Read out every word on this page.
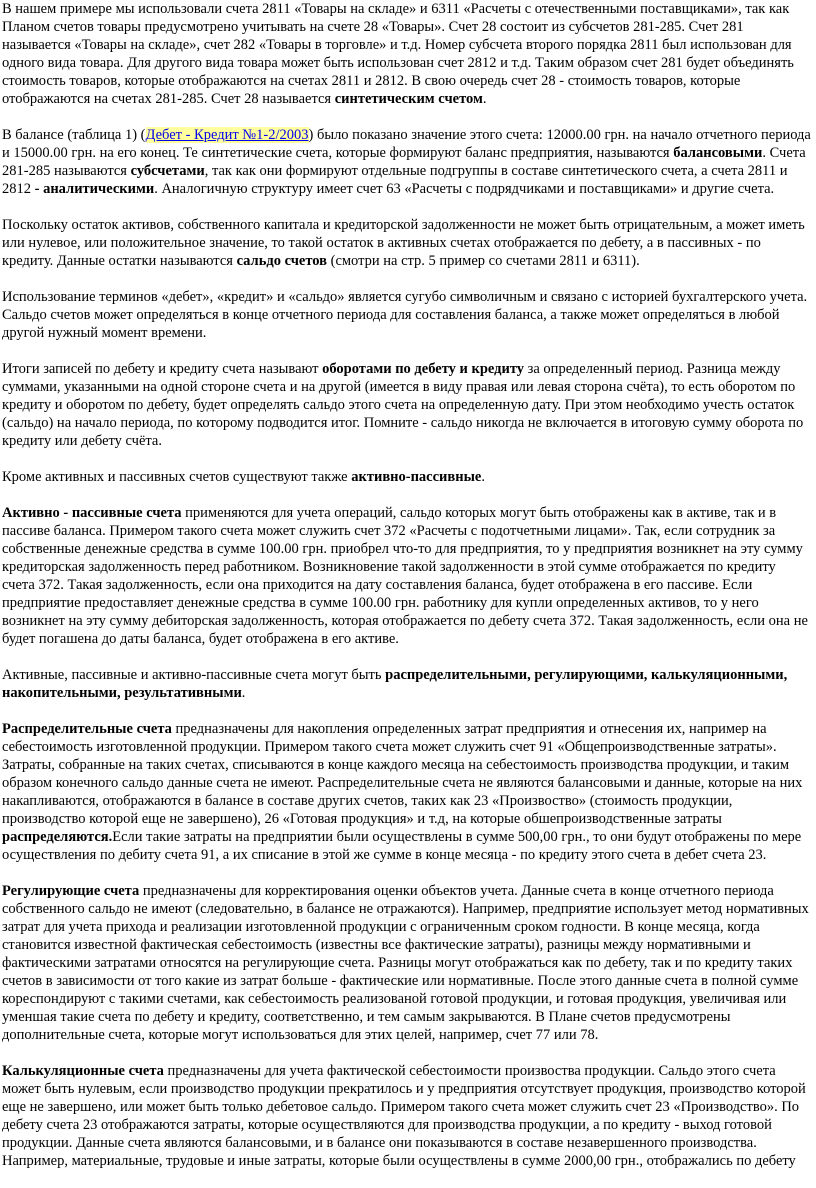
В нашем примере мы использовали счета 2811 «Товары на складе» и 6311 «Расчеты с отечественными поставщиками», так как Планом счетов товары предусмотрено учитывать на счете 28 «Товары». Счет 28 состоит из субсчетов 281-285. Счет 281 называется «Товары на складе», счет 282 «Товары в торговле» и т.д. Номер субсчета второго порядка 2811 был использован для одного вида товара. Для другого вида товара может быть использован счет 2812 и т.д. Таким образом счет 281 будет объединять стоимость товаров, которые отображаются на счетах 2811 и 2812. В свою очередь счет 28 - стоимость товаров, которые отображаются на счетах 281-285. Счет 28 называется синтетическим счетом.

В балансе (таблица 1) (Дебет - Кредит №1-2/2003) было показано значение этого счета: 12000.00 грн. на начало отчетного периода и 15000.00 грн. на его конец. Те синтетические счета, которые формируют баланс предприятия, называются балансовыми. Счета 281-285 называются субсчетами, так как они формируют отдельные подгруппы в составе синтетического счета, а счета 2811 и 2812 - аналитическими. Аналогичную структуру имеет счет 63 «Расчеты с подрядчиками и поставщиками» и другие счета.

Поскольку остаток активов, собственного капитала и кредиторской задолженности не может быть отрицательным, а может иметь или нулевое, или положительное значение, то такой остаток в активных счетах отображается по дебету, а в пассивных - по кредиту. Данные остатки называются сальдо счетов (смотри на стр. 5 пример со счетами 2811 и 6311).

Использование терминов «дебет», «кредит» и «сальдо» является сугубо символичным и связано с историей бухгалтерского учета. Сальдо счетов может определяться в конце отчетного периода для составления баланса, а также может определяться в любой другой нужный момент времени.

Итоги записей по дебету и кредиту счета называют оборотами по дебету и кредиту за определенный период. Разница между суммами, указанными на одной стороне счета и на другой (имеется в виду правая или левая сторона счёта), то есть оборотом по кредиту и оборотом по дебету, будет определять сальдо этого счета на определенную дату. При этом необходимо учесть остаток (сальдо) на начало периода, по которому подводится итог. Помните - сальдо никогда не включается в итоговую сумму оборота по кредиту или дебету счёта.

Кроме активных и пассивных счетов существуют также активно-пассивные.

Активно - пассивные счета применяются для учета операций, сальдо которых могут быть отображены как в активе, так и в пассиве баланса. Примером такого счета может служить счет 372 «Расчеты с подотчетными лицами». Так, если сотрудник за собственные денежные средства в сумме 100.00 грн. приобрел что-то для предприятия, то у предприятия возникнет на эту сумму кредиторская задолженность перед работником. Возникновение такой задолженности в этой сумме отображается по кредиту счета 372. Такая задолженность, если она приходится на дату составления баланса, будет отображена в его пассиве. Если предприятие предоставляет денежные средства в сумме 100.00 грн. работнику для купли определенных активов, то у него возникнет на эту сумму дебиторская задолженность, которая отображается по дебету счета 372. Такая задолженность, если она не будет погашена до даты баланса, будет отображена в его активе.

Активные, пассивные и активно-пассивные счета могут быть распределительными, регулирующими, калькуляционными, накопительными, результативными.

Распределительные счета предназначены для накопления определенных затрат предприятия и отнесения их, например на себестоимость изготовленной продукции. Примером такого счета может служить счет 91 «Общепроизводственные затраты». Затраты, собранные на таких счетах, списываются в конце каждого месяца на себестоимость производства продукции, и таким образом конечного сальдо данные счета не имеют. Распределительные счета не являются балансовыми и данные, которые на них накапливаются, отображаются в балансе в составе других счетов, таких как 23 «Произвоство» (стоимость продукции, производство которой еще не завершено), 26 «Готовая продукция» и т.д, на которые обшепроизводственные затраты распределяются.Если такие затраты на предприятии были осуществлены в сумме 500,00 грн., то они будут отображены по мере осуществления по дебиту счета 91, а их списание в этой же сумме в конце месяца - по кредиту этого счета в дебет счета 23.

Регулирующие счета предназначены для корректирования оценки объектов учета. Данные счета в конце отчетного периода собственного сальдо не имеют (следовательно, в балансе не отражаются). Например, предприятие использует метод нормативных затрат для учета прихода и реализации изготовленной продукции с ограниченным сроком годности. В конце месяца, когда становится известной фактическая себестоимость (известны все фактические затраты), разницы между нормативными и фактическими затратами относятся на регулирующие счета. Разницы могут отображаться как по дебету, так и по кредиту таких счетов в зависимости от того какие из затрат больше - фактические или нормативные. После этого данные счета в полной сумме кореспондируют с такими счетами, как себестоимость реализованой готовой продукции, и готовая продукция, увеличивая или уменшая такие счета по дебету и кредиту, соответственно, и тем самым закрываются. В Плане счетов предусмотрены дополнительные счета, которые могут использоваться для этих целей, например, счет 77 или 78.

Калькуляционные счета предназначены для учета фактической себестоимости произвоства продукции. Сальдо этого счета может быть нулевым, если производство продукции прекратилось и у предприятия отсутствует продукция, производство которой еще не завершено, или может быть только дебетовое сальдо. Примером такого счета может служить счет 23 «Производство». По дебету счета 23 отображаются затраты, которые осуществляются для производства продукции, а по кредиту - выход готовой продукции. Данные счета являются балансовыми, и в балансе они показываются в составе незавершенного производства. Например, материальные, трудовые и иные затраты, которые были осуществлены в сумме 2000,00 грн., отображались по дебету
